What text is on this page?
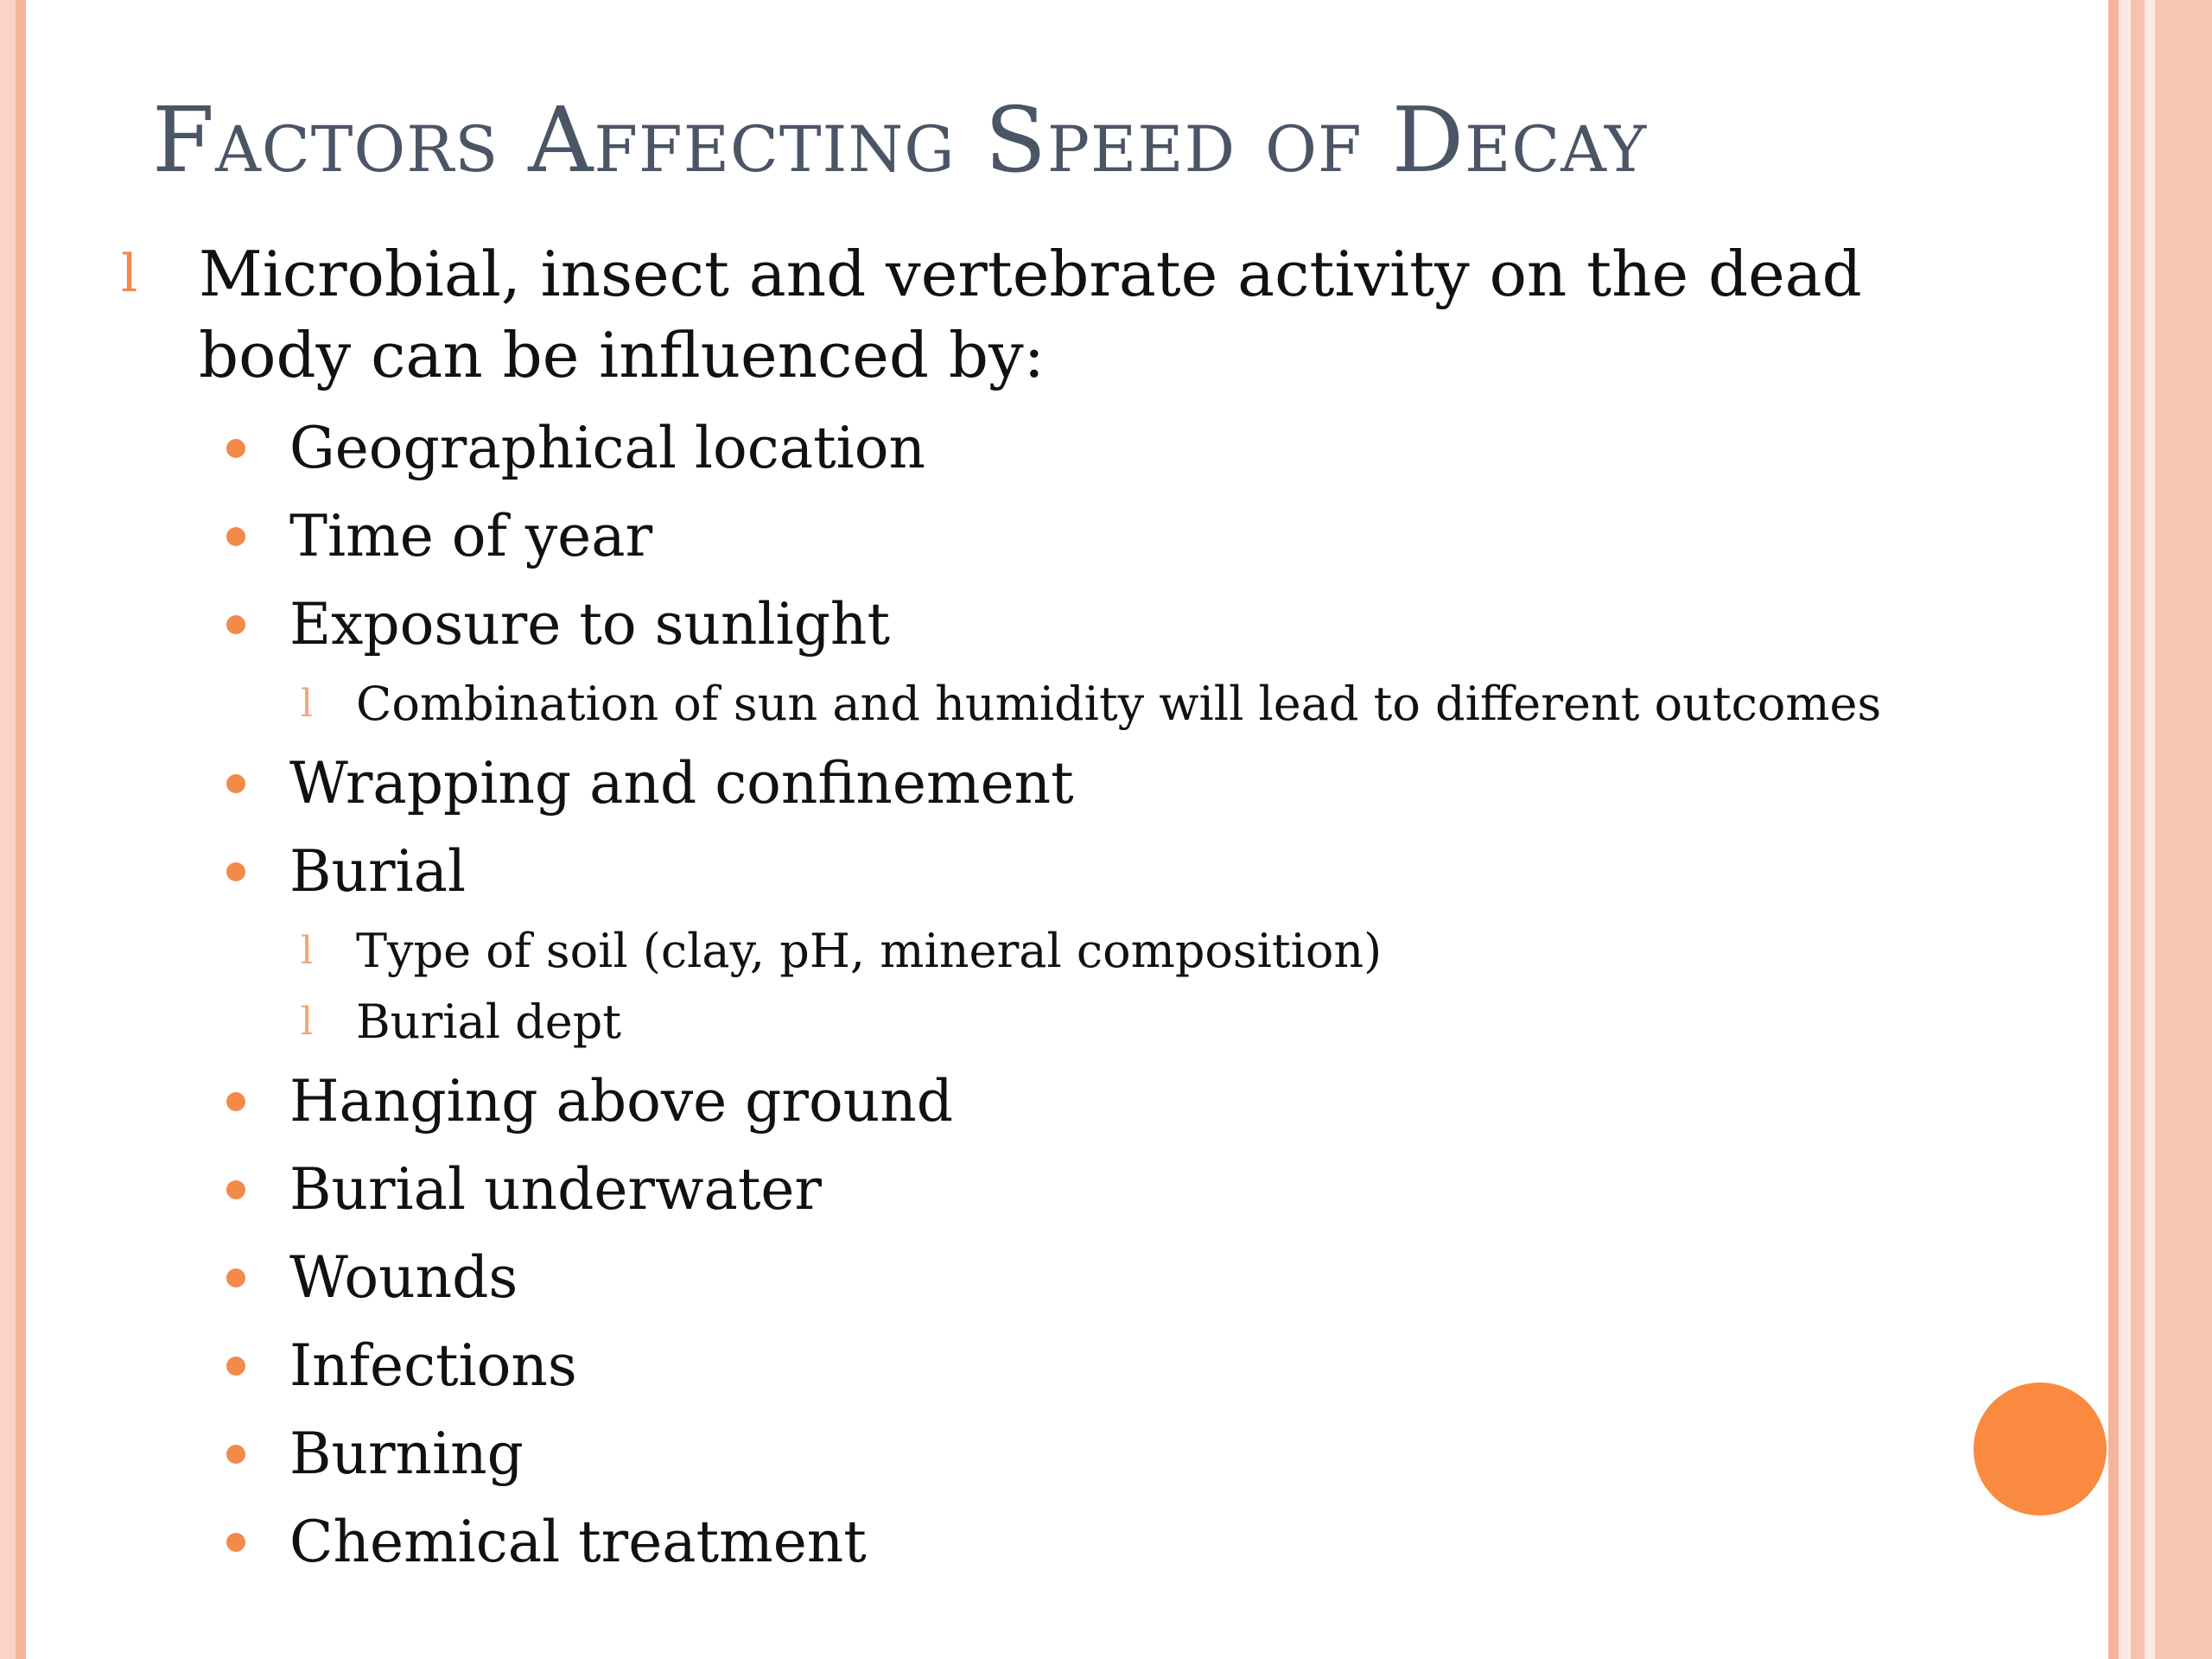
Factors Affecting Speed of Decay
l Microbial, insect and vertebrate activity on the dead body can be influenced by:
Geographical location
Time of year
Exposure to sunlight
l Combination of sun and humidity will lead to different outcomes
Wrapping and confinement
Burial
l Type of soil (clay, pH, mineral composition)
l Burial dept
Hanging above ground
Burial underwater
Wounds
Infections
Burning
Chemical treatment
